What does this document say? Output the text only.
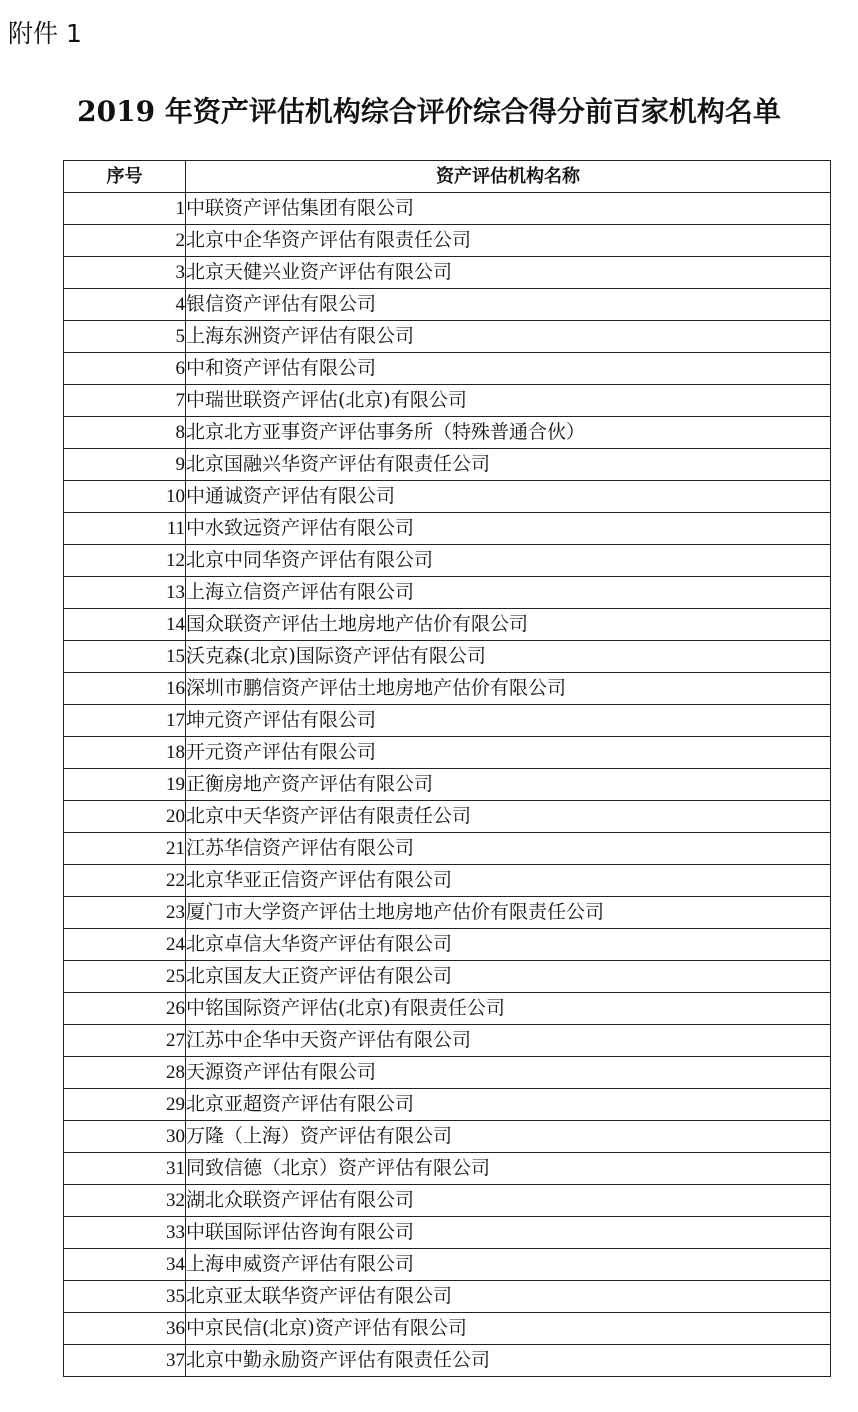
附件 1
2019 年资产评估机构综合评价综合得分前百家机构名单
序号	资产评估机构名称
1	中联资产评估集团有限公司
2	北京中企华资产评估有限责任公司
3	北京天健兴业资产评估有限公司
4	银信资产评估有限公司
5	上海东洲资产评估有限公司
6	中和资产评估有限公司
7	中瑞世联资产评估(北京)有限公司
8	北京北方亚事资产评估事务所（特殊普通合伙）
9	北京国融兴华资产评估有限责任公司
10	中通诚资产评估有限公司
11	中水致远资产评估有限公司
12	北京中同华资产评估有限公司
13	上海立信资产评估有限公司
14	国众联资产评估土地房地产估价有限公司
15	沃克森(北京)国际资产评估有限公司
16	深圳市鹏信资产评估土地房地产估价有限公司
17	坤元资产评估有限公司
18	开元资产评估有限公司
19	正衡房地产资产评估有限公司
20	北京中天华资产评估有限责任公司
21	江苏华信资产评估有限公司
22	北京华亚正信资产评估有限公司
23	厦门市大学资产评估土地房地产估价有限责任公司
24	北京卓信大华资产评估有限公司
25	北京国友大正资产评估有限公司
26	中铭国际资产评估(北京)有限责任公司
27	江苏中企华中天资产评估有限公司
28	天源资产评估有限公司
29	北京亚超资产评估有限公司
30	万隆（上海）资产评估有限公司
31	同致信德（北京）资产评估有限公司
32	湖北众联资产评估有限公司
33	中联国际评估咨询有限公司
34	上海申威资产评估有限公司
35	北京亚太联华资产评估有限公司
36	中京民信(北京)资产评估有限公司
37	北京中勤永励资产评估有限责任公司
